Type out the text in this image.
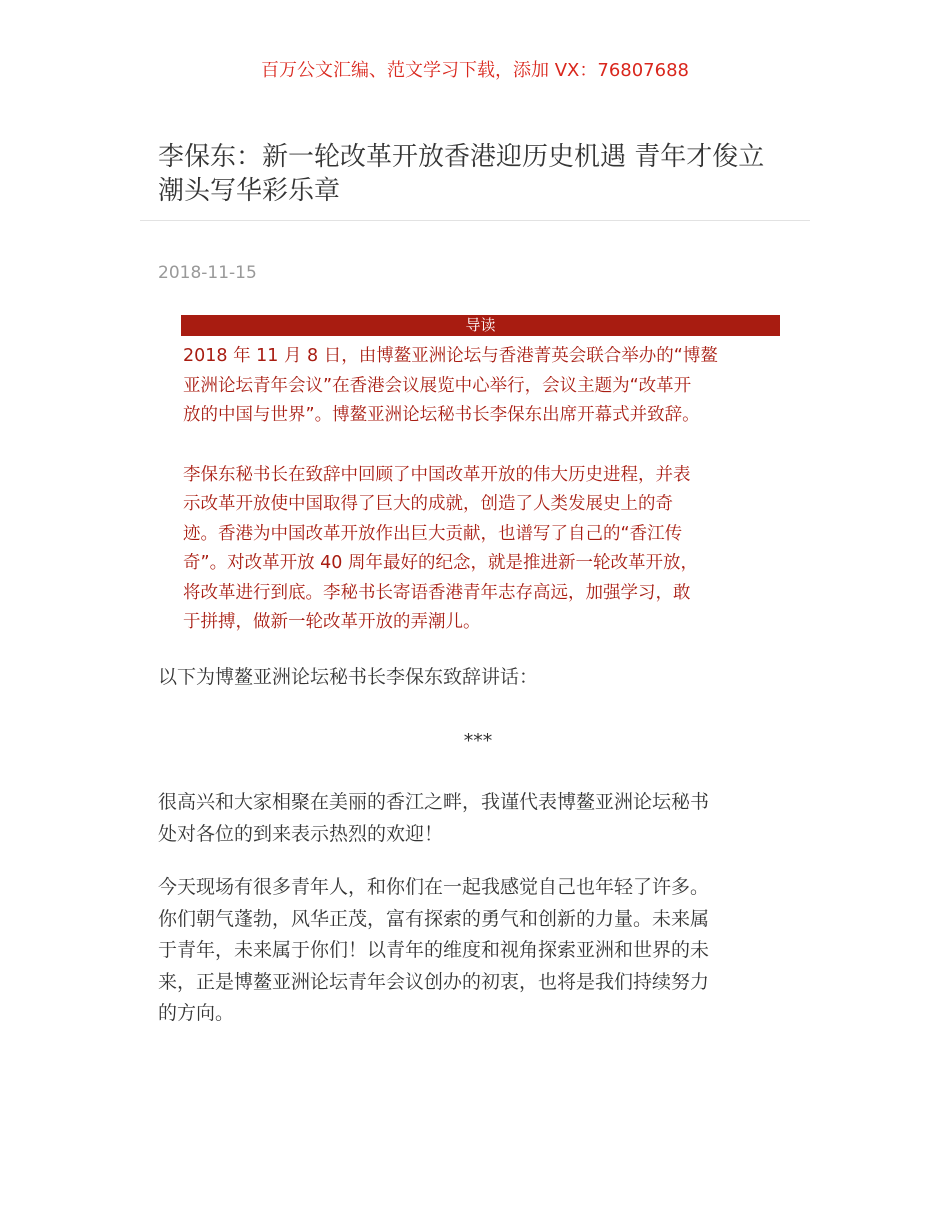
百万公文汇编、范文学习下载，添加 VX：76807688
李保东：新一轮改革开放香港迎历史机遇 青年才俊立
潮头写华彩乐章
2018-11-15
导读

2018 年 11 月 8 日，由博鳌亚洲论坛与香港菁英会联合举办的“博鳌
亚洲论坛青年会议”在香港会议展览中心举行，会议主题为“改革开
放的中国与世界”。博鳌亚洲论坛秘书长李保东出席开幕式并致辞。

李保东秘书长在致辞中回顾了中国改革开放的伟大历史进程，并表
示改革开放使中国取得了巨大的成就，创造了人类发展史上的奇
迹。香港为中国改革开放作出巨大贡献，也谱写了自己的“香江传
奇”。对改革开放 40 周年最好的纪念，就是推进新一轮改革开放，
将改革进行到底。李秘书长寄语香港青年志存高远，加强学习，敢
于拼搏，做新一轮改革开放的弄潮儿。

以下为博鳌亚洲论坛秘书长李保东致辞讲话：

***

很高兴和大家相聚在美丽的香江之畔，我谨代表博鳌亚洲论坛秘书
处对各位的到来表示热烈的欢迎！

今天现场有很多青年人，和你们在一起我感觉自己也年轻了许多。
你们朝气蓬勃，风华正茂，富有探索的勇气和创新的力量。未来属
于青年，未来属于你们！以青年的维度和视角探索亚洲和世界的未
来，正是博鳌亚洲论坛青年会议创办的初衷，也将是我们持续努力
的方向。
